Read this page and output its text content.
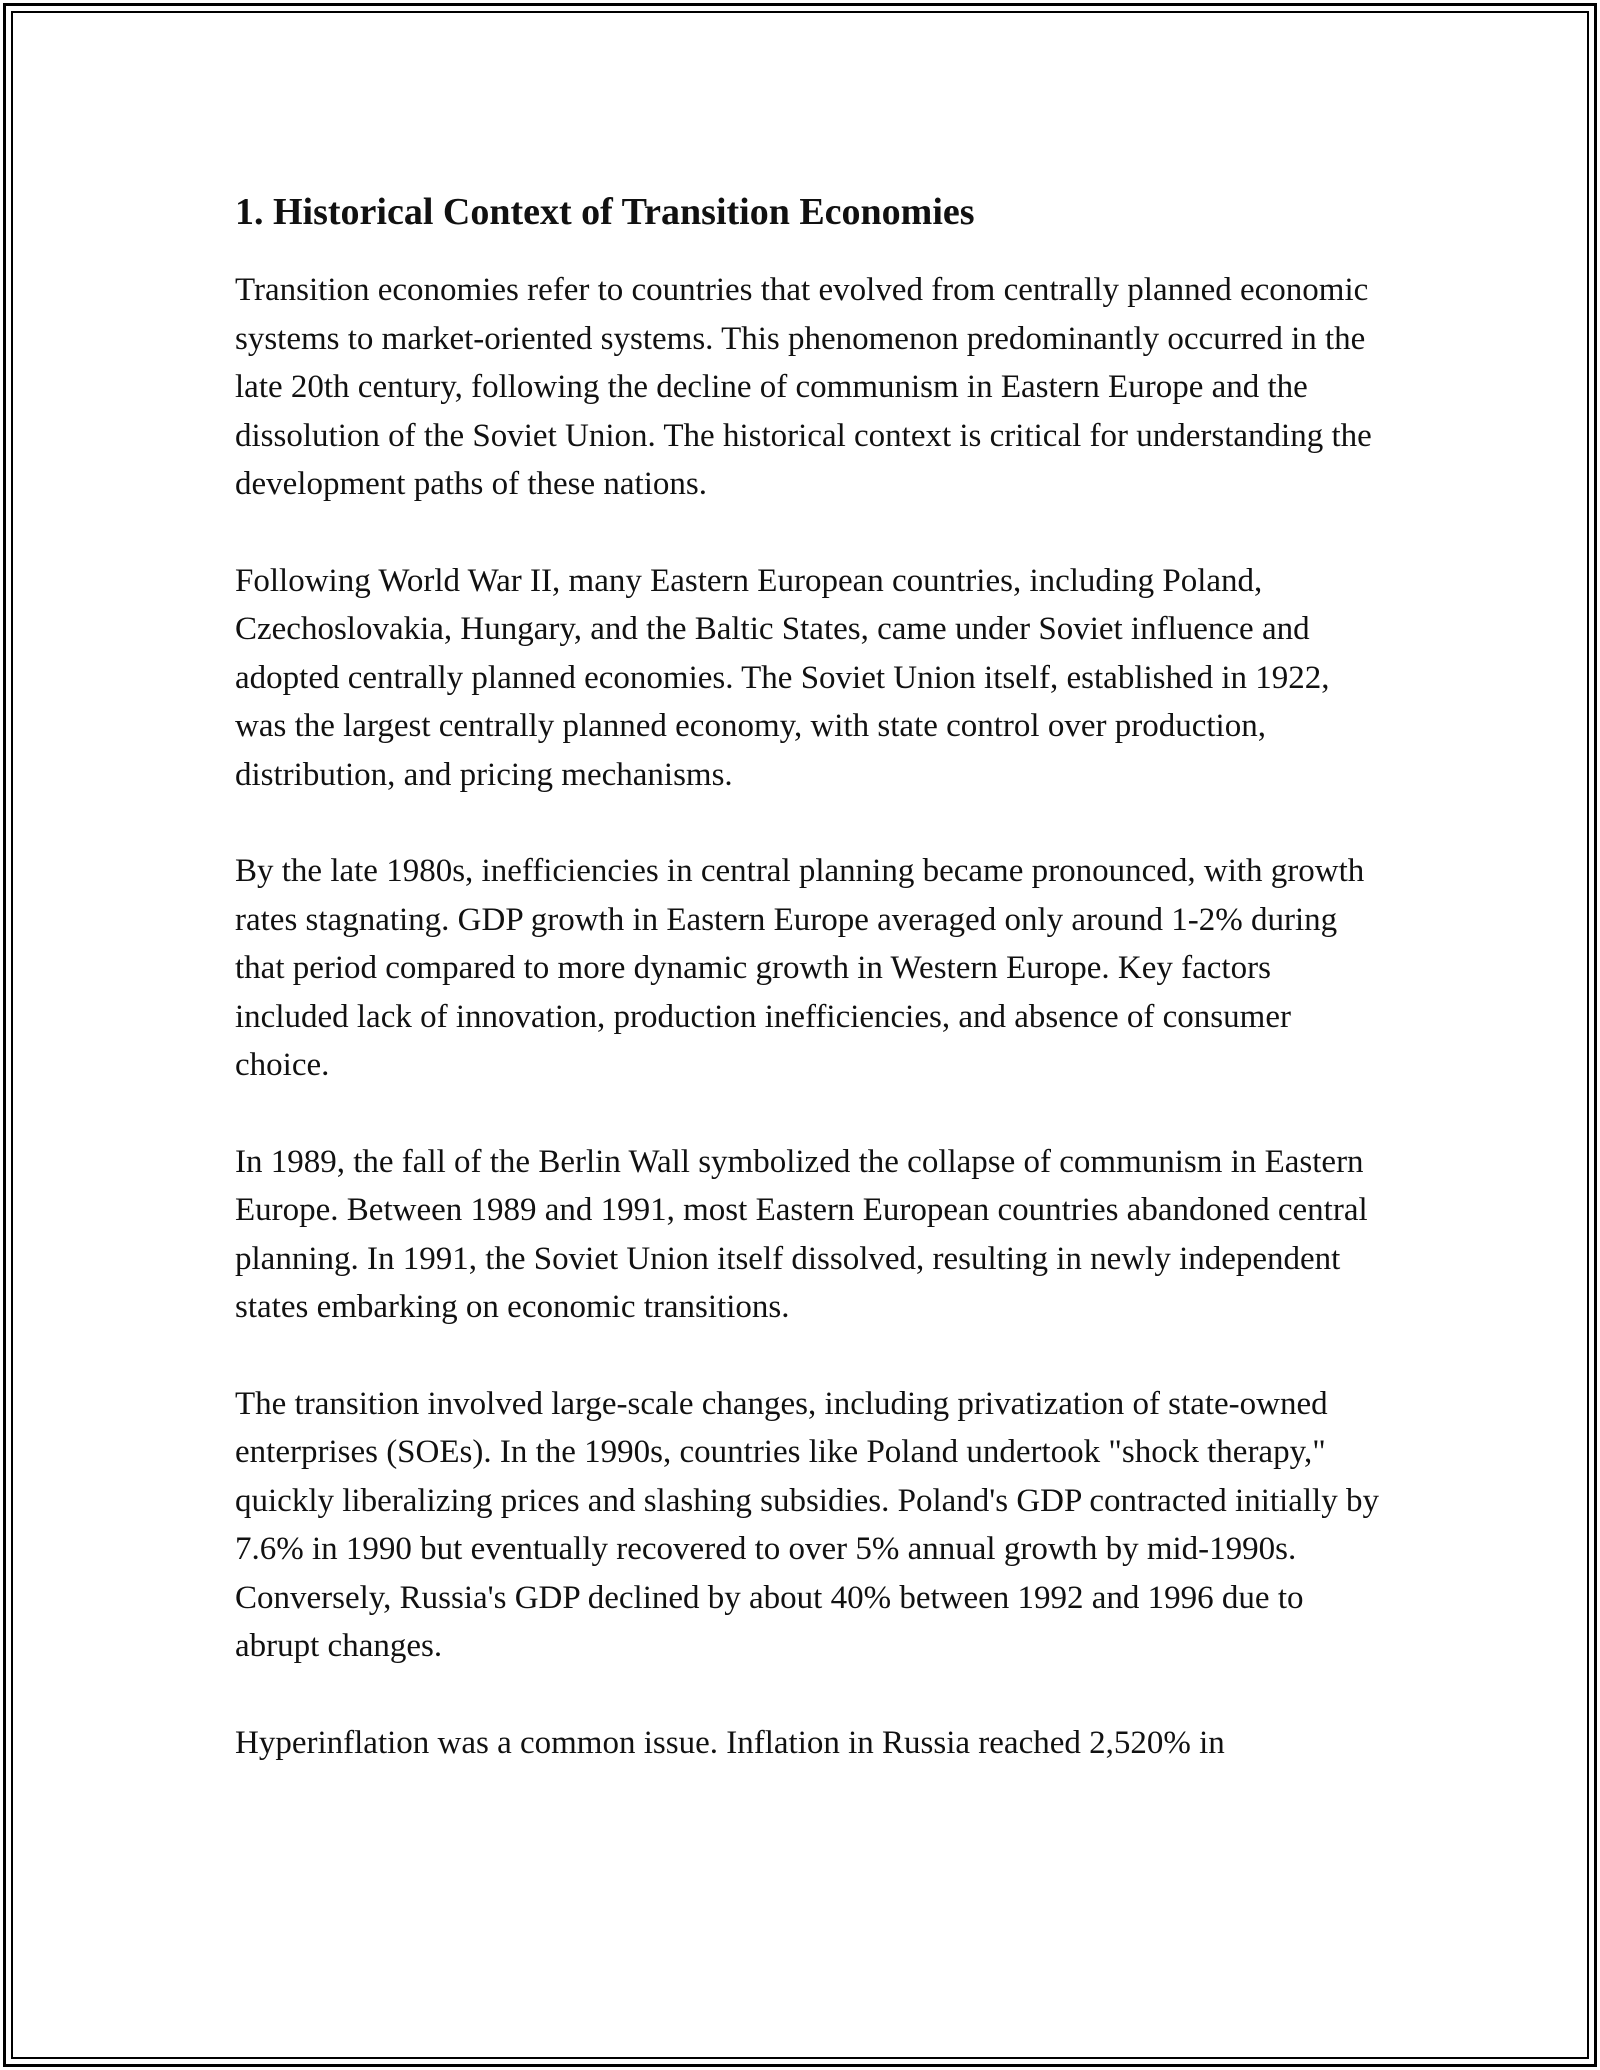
1. Historical Context of Transition Economies

Transition economies refer to countries that evolved from centrally planned economic systems to market-oriented systems. This phenomenon predominantly occurred in the late 20th century, following the decline of communism in Eastern Europe and the dissolution of the Soviet Union. The historical context is critical for understanding the development paths of these nations.

Following World War II, many Eastern European countries, including Poland, Czechoslovakia, Hungary, and the Baltic States, came under Soviet influence and adopted centrally planned economies. The Soviet Union itself, established in 1922, was the largest centrally planned economy, with state control over production, distribution, and pricing mechanisms.

By the late 1980s, inefficiencies in central planning became pronounced, with growth rates stagnating. GDP growth in Eastern Europe averaged only around 1-2% during that period compared to more dynamic growth in Western Europe. Key factors included lack of innovation, production inefficiencies, and absence of consumer choice.

In 1989, the fall of the Berlin Wall symbolized the collapse of communism in Eastern Europe. Between 1989 and 1991, most Eastern European countries abandoned central planning. In 1991, the Soviet Union itself dissolved, resulting in newly independent states embarking on economic transitions.

The transition involved large-scale changes, including privatization of state-owned enterprises (SOEs). In the 1990s, countries like Poland undertook "shock therapy," quickly liberalizing prices and slashing subsidies. Poland's GDP contracted initially by 7.6% in 1990 but eventually recovered to over 5% annual growth by mid-1990s. Conversely, Russia's GDP declined by about 40% between 1992 and 1996 due to abrupt changes.

Hyperinflation was a common issue. Inflation in Russia reached 2,520% in
